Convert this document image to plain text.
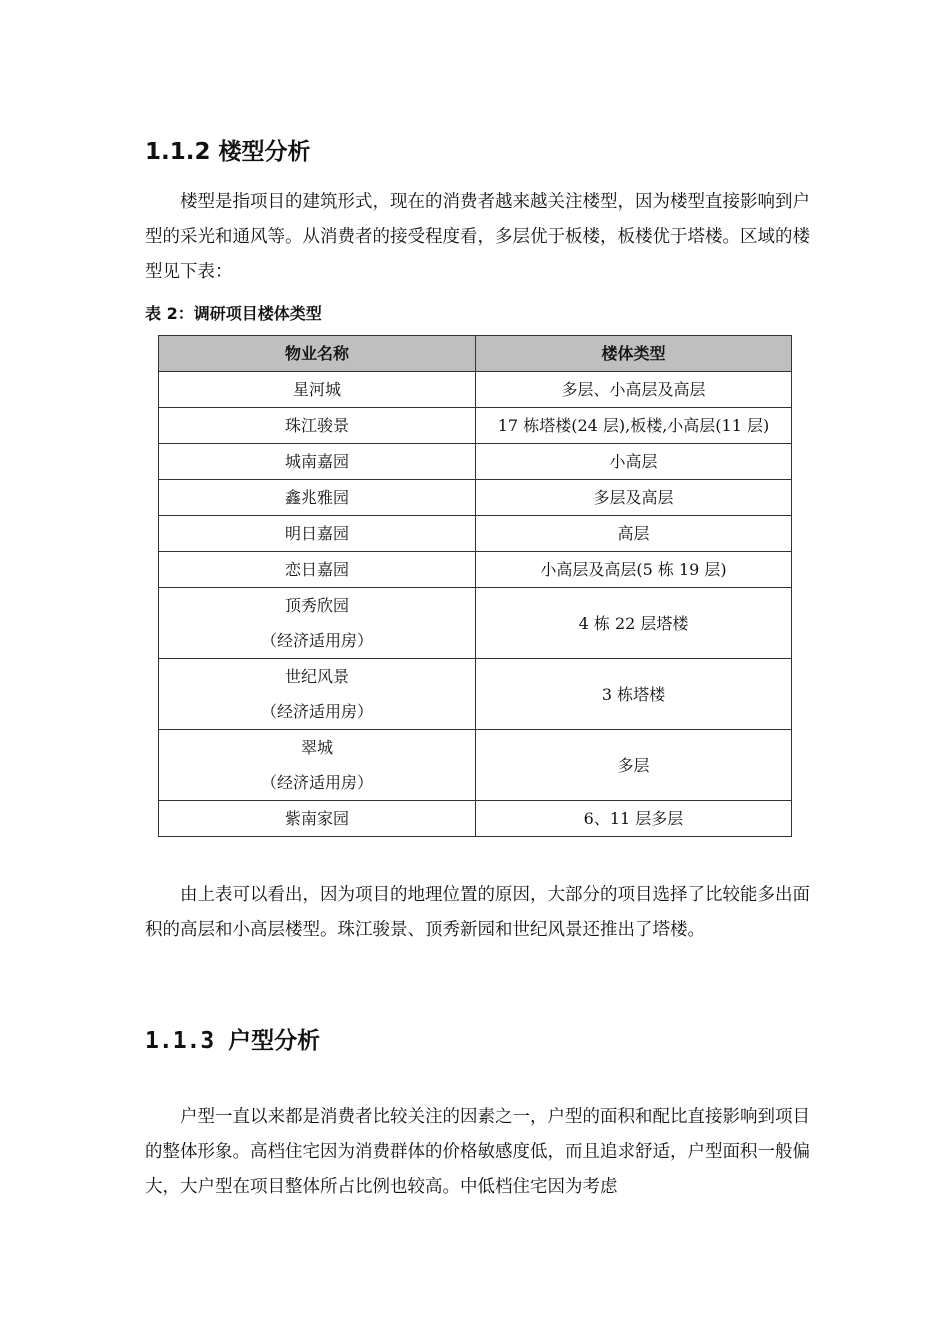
1.1.2 楼型分析

楼型是指项目的建筑形式，现在的消费者越来越关注楼型，因为楼型直接影响到户型的采光和通风等。从消费者的接受程度看，多层优于板楼，板楼优于塔楼。区域的楼型见下表：

表 2：调研项目楼体类型

物业名称	楼体类型
星河城	多层、小高层及高层
珠江骏景	17 栋塔楼(24 层),板楼,小高层(11 层)
城南嘉园	小高层
鑫兆雅园	多层及高层
明日嘉园	高层
恋日嘉园	小高层及高层(5 栋 19 层)

顶秀欣园
（经济适用房）	4 栋 22 层塔楼

世纪风景
（经济适用房）	3 栋塔楼

翠城
（经济适用房）	多层
紫南家园	6、11 层多层

由上表可以看出，因为项目的地理位置的原因，大部分的项目选择了比较能多出面积的高层和小高层楼型。珠江骏景、顶秀新园和世纪风景还推出了塔楼。

1.1.3 户型分析

户型一直以来都是消费者比较关注的因素之一，户型的面积和配比直接影响到项目的整体形象。高档住宅因为消费群体的价格敏感度低，而且追求舒适，户型面积一般偏大，大户型在项目整体所占比例也较高。中低档住宅因为考虑
